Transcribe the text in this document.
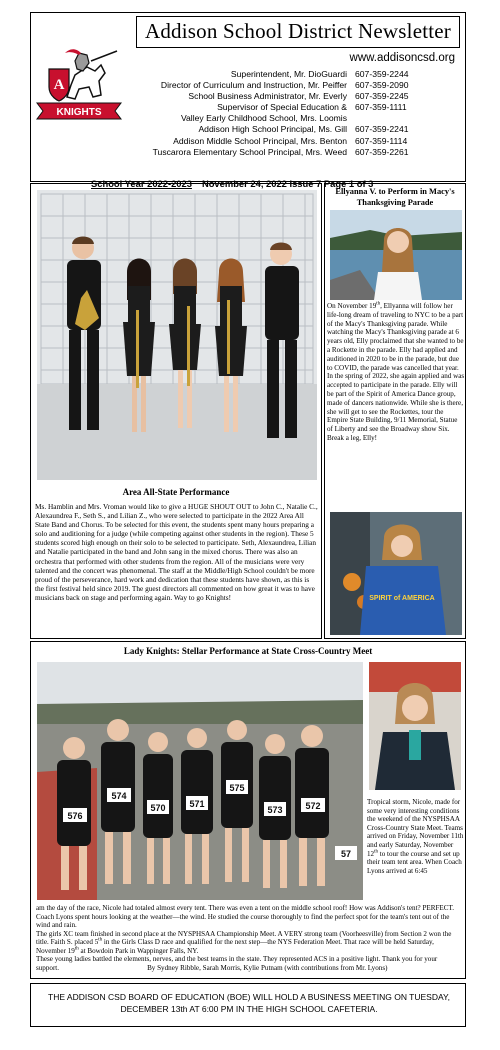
Addison School District Newsletter
www.addisoncsd.org
A
KNIGHTS
Superintendent, Mr. DioGuardi 607-359-2244
Director of Curriculum and Instruction, Mr. Peiffer 607-359-2090
School Business Administrator, Mr. Everly 607-359-2245
Supervisor of Special Education & 607-359-1111
Valley Early Childhood School, Mrs. Loomis
Addison High School Principal, Ms. Gill 607-359-2241
Addison Middle School Principal, Mrs. Benton 607-359-1114
Tuscarora Elementary School Principal, Mrs. Weed 607-359-2261
School Year 2022-2023 November 24, 2022 Issue 7 Page 1 of 3
Area All-State Performance
Ms. Hamblin and Mrs. Vroman would like to give a HUGE SHOUT OUT to John C., Natalie C., Alexaundrea F., Seth S., and Lilian Z., who were selected to participate in the 2022 Area All State Band and Chorus. To be selected for this event, the students spent many hours preparing a solo and auditioning for a judge (while competing against other students in the region). These 5 students scored high enough on their solo to be selected to participate. Seth, Alexaundrea, Lilian and Natalie participated in the band and John sang in the mixed chorus. There was also an orchestra that performed with other students from the region. All of the musicians were very talented and the concert was phenomenal. The staff at the Middle/High School couldn't be more proud of the perseverance, hard work and dedication that these students have shown, as this is the first festival held since 2019. The guest directors all commented on how great it was to have musicians back on stage and performing again. Way to go Knights!
Ellyanna V. to Perform in Macy's Thanksgiving Parade
On November 19th, Ellyanna will follow her life-long dream of traveling to NYC to be a part of the Macy's Thanksgiving parade. While watching the Macy's Thanksgiving parade at 6 years old, Elly proclaimed that she wanted to be a Rockette in the parade. Elly had applied and auditioned in 2020 to be in the parade, but due to COVID, the parade was cancelled that year. In the spring of 2022, she again applied and was accepted to participate in the parade. Elly will be part of the Spirit of America Dance group, made of dancers nationwide. While she is there, she will get to see the Rockettes, tour the Empire State Building, 9/11 Memorial, Statue of Liberty and see the Broadway show Six. Break a leg, Elly!
SPIRIT of AMERICA
Lady Knights: Stellar Performance at State Cross-Country Meet
576
574
570	571
575
573	572
57
Tropical storm, Nicole, made for some very interesting conditions the weekend of the NYSPHSAA Cross-Country State Meet. Teams arrived on Friday, November 11th and early Saturday, November 12th to tour the course and set up their team tent area. When Coach Lyons arrived at 6:45
am the day of the race, Nicole had totaled almost every tent. There was even a tent on the middle school roof! How was Addison's tent? PERFECT.
Coach Lyons spent hours looking at the weather—the wind. He studied the course thoroughly to find the perfect spot for the team's tent out of the wind and rain.
The girls XC team finished in second place at the NYSPHSAA Championship Meet. A VERY strong team (Voorheesville) from Section 2 won the title. Faith S. placed 5th in the Girls Class D race and qualified for the next step—the NYS Federation Meet. That race will be held Saturday, November 19th at Bowdoin Park in Wappinger Falls, NY.
These young ladies battled the elements, nerves, and the best teams in the state. They represented ACS in a positive light. Thank you for your support.	By Sydney Ribble, Sarah Morris, Kylie Putnam (with contributions from Mr. Lyons)
THE ADDISON CSD BOARD OF EDUCATION (BOE) WILL HOLD A BUSINESS MEETING ON TUESDAY, DECEMBER 13th AT 6:00 PM IN THE HIGH SCHOOL CAFETERIA.
